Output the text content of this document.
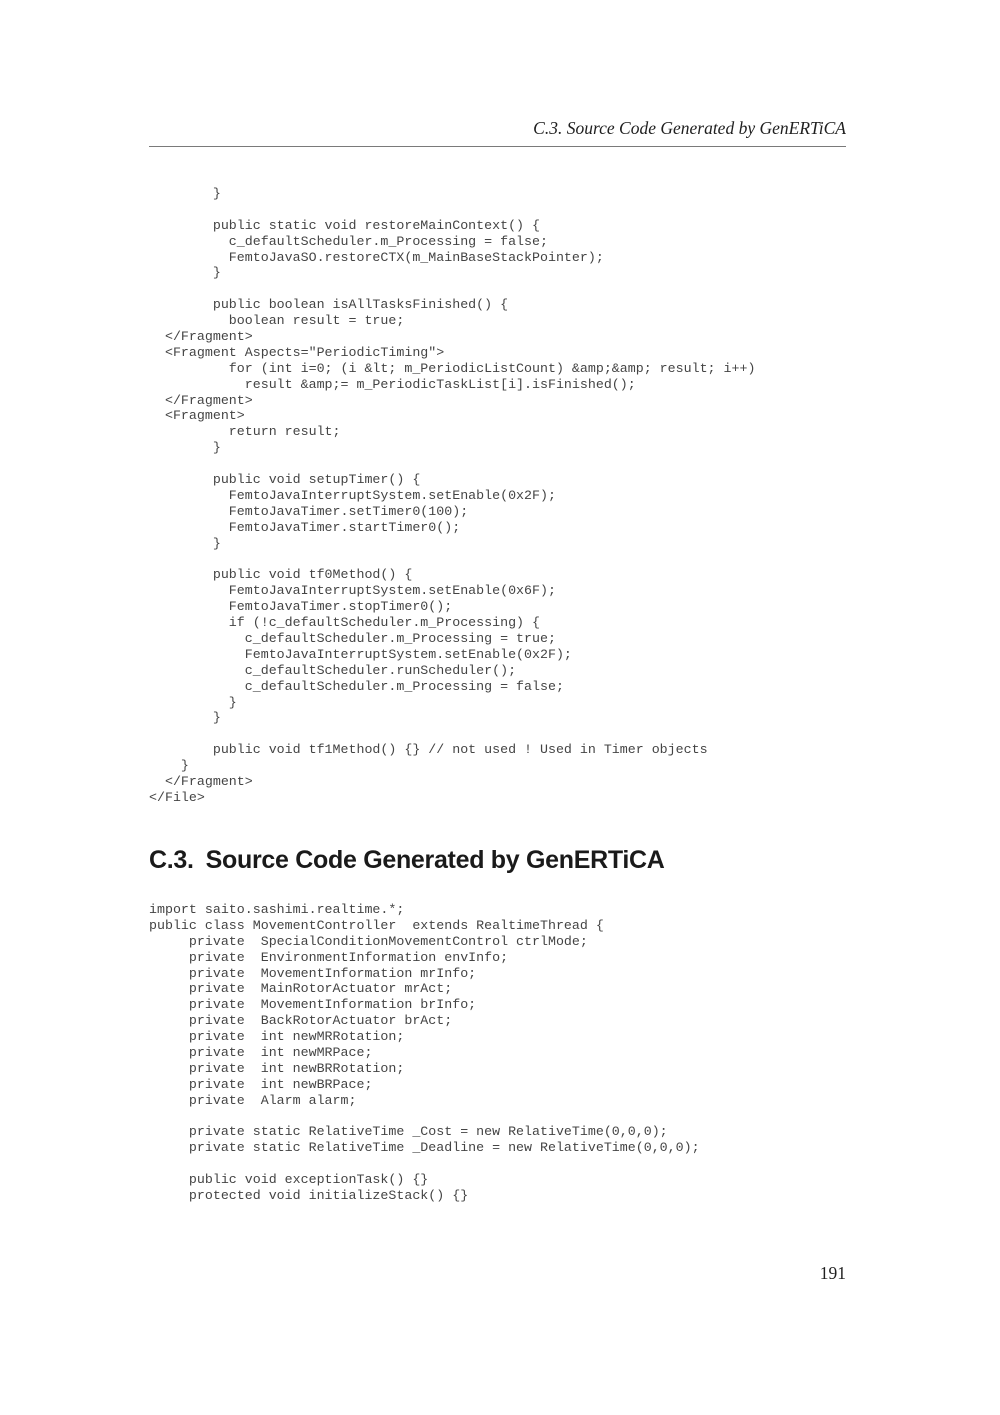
C.3. Source Code Generated by GenERTiCA
}
public static void restoreMainContext() {
c_defaultScheduler.m_Processing = false;
FemtoJavaSO.restoreCTX(m_MainBaseStackPointer);
}
public boolean isAllTasksFinished() {
boolean result = true;
</Fragment>
<Fragment Aspects="PeriodicTiming">
for (int i=0; (i &lt; m_PeriodicListCount) &amp;&amp; result; i++)
result &amp;= m_PeriodicTaskList[i].isFinished();
</Fragment>
<Fragment>
return result;
}
public void setupTimer() {
FemtoJavaInterruptSystem.setEnable(0x2F);
FemtoJavaTimer.setTimer0(100);
FemtoJavaTimer.startTimer0();
}
public void tf0Method() {
FemtoJavaInterruptSystem.setEnable(0x6F);
FemtoJavaTimer.stopTimer0();
if (!c_defaultScheduler.m_Processing) {
c_defaultScheduler.m_Processing = true;
FemtoJavaInterruptSystem.setEnable(0x2F);
c_defaultScheduler.runScheduler();
c_defaultScheduler.m_Processing = false;
}
}
public void tf1Method() {} // not used ! Used in Timer objects
}
</Fragment>
</File>
C.3. Source Code Generated by GenERTiCA
import saito.sashimi.realtime.*;
public class MovementController  extends RealtimeThread {
private  SpecialConditionMovementControl ctrlMode;
private  EnvironmentInformation envInfo;
private  MovementInformation mrInfo;
private  MainRotorActuator mrAct;
private  MovementInformation brInfo;
private  BackRotorActuator brAct;
private  int newMRRotation;
private  int newMRPace;
private  int newBRRotation;
private  int newBRPace;
private  Alarm alarm;
private static RelativeTime _Cost = new RelativeTime(0,0,0);
private static RelativeTime _Deadline = new RelativeTime(0,0,0);
public void exceptionTask() {}
protected void initializeStack() {}
191
